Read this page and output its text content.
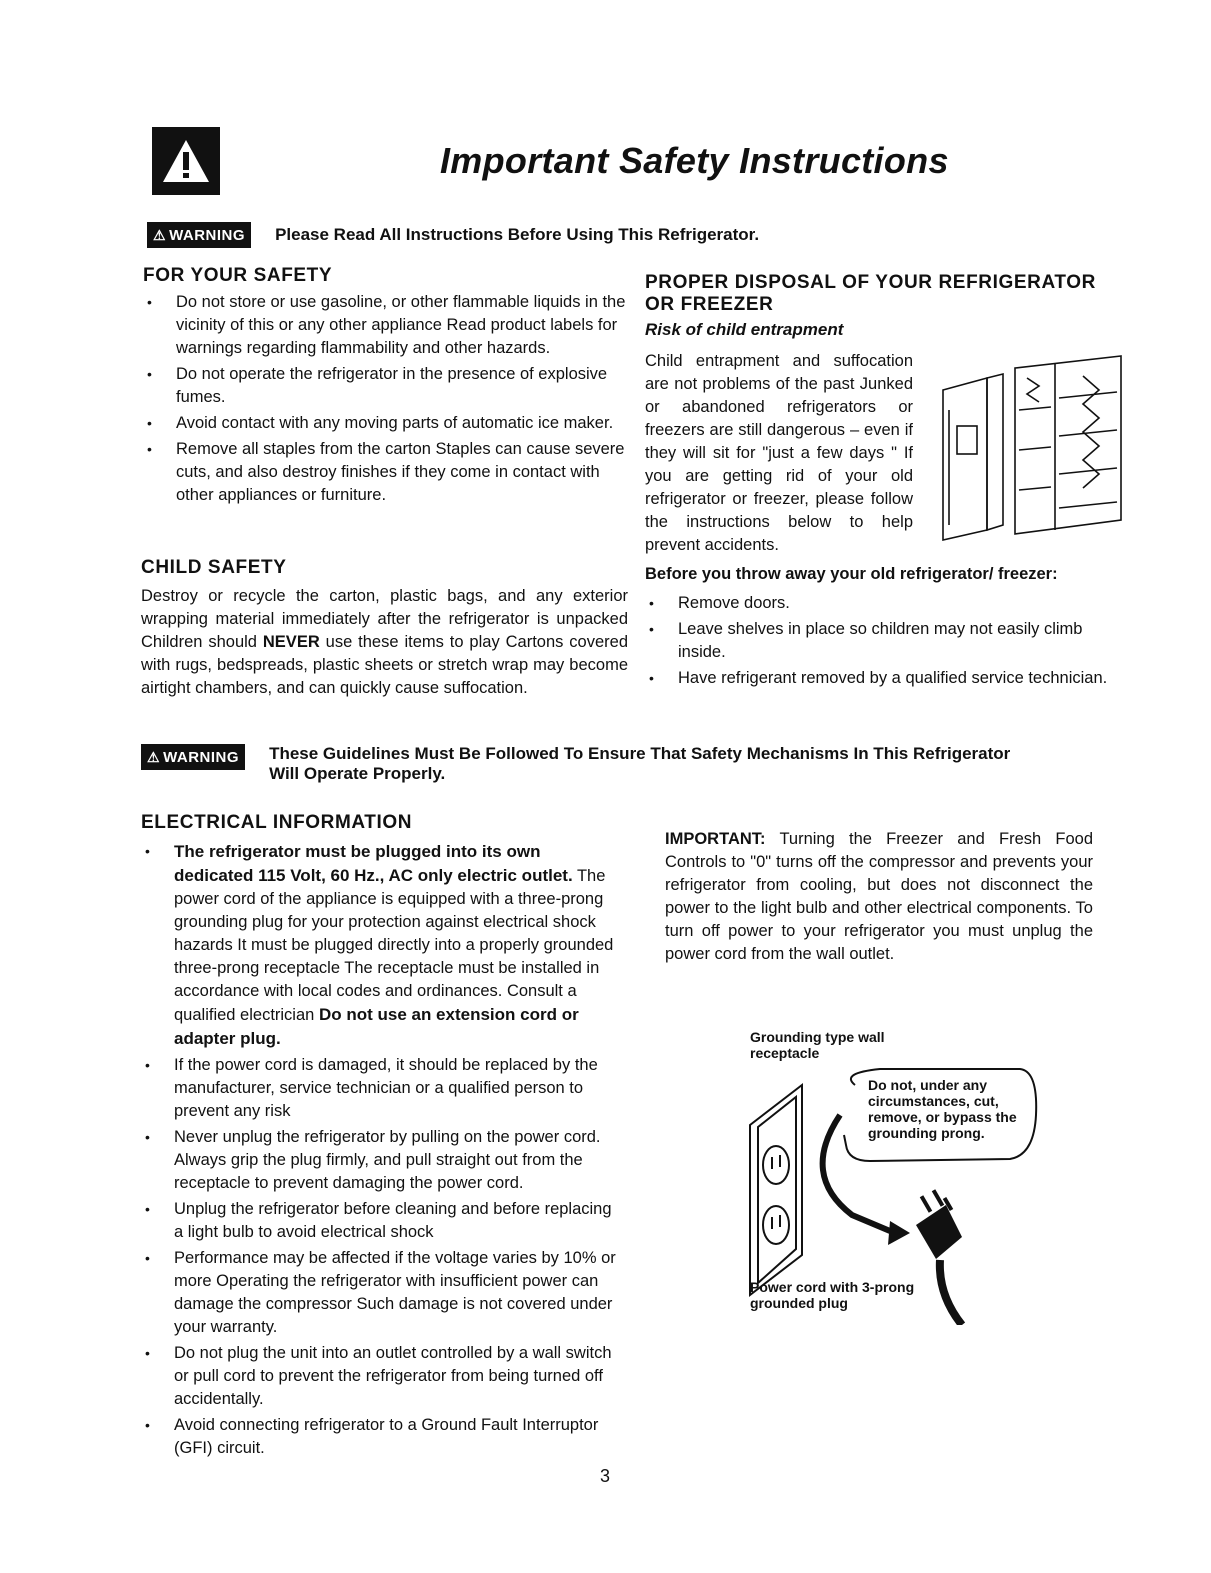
Important Safety Instructions
⚠ WARNING Please Read All Instructions Before Using This Refrigerator.
FOR YOUR SAFETY
• Do not store or use gasoline, or other flammable liquids in the vicinity of this or any other appliance Read product labels for warnings regarding flammability and other hazards.
• Do not operate the refrigerator in the presence of explosive fumes.
• Avoid contact with any moving parts of automatic ice maker.
• Remove all staples from the carton Staples can cause severe cuts, and also destroy finishes if they come in contact with other appliances or furniture.
CHILD SAFETY

Destroy or recycle the carton, plastic bags, and any exterior wrapping material immediately after the refrigerator is unpacked Children should NEVER use these items to play Cartons covered with rugs, bedspreads, plastic sheets or stretch wrap may become airtight chambers, and can quickly cause suffocation.

PROPER DISPOSAL OF YOUR REFRIGERATOR
OR FREEZER
Risk of child entrapment

Child entrapment and suffocation are not problems of the past Junked or abandoned refrigerators or freezers are still dangerous – even if they will sit for "just a few days " If you are getting rid of your old refrigerator or freezer, please follow the instructions below to help prevent accidents.

Before you throw away your old refrigerator/ freezer:
• Remove doors.
• Leave shelves in place so children may not easily climb inside.
• Have refrigerant removed by a qualified service technician.
⚠ WARNING These Guidelines Must Be Followed To Ensure That Safety Mechanisms In This Refrigerator
Will Operate Properly.
ELECTRICAL INFORMATION
• The refrigerator must be plugged into its own dedicated 115 Volt, 60 Hz., AC only electric outlet. The power cord of the appliance is equipped with a three-prong grounding plug for your protection against electrical shock hazards It must be plugged directly into a properly grounded three-prong receptacle The receptacle must be installed in accordance with local codes and ordinances. Consult a qualified electrician Do not use an extension cord or adapter plug.
• If the power cord is damaged, it should be replaced by the manufacturer, service technician or a qualified person to prevent any risk
• Never unplug the refrigerator by pulling on the power cord. Always grip the plug firmly, and pull straight out from the receptacle to prevent damaging the power cord.
• Unplug the refrigerator before cleaning and before replacing a light bulb to avoid electrical shock
• Performance may be affected if the voltage varies by 10% or more Operating the refrigerator with insufficient power can damage the compressor Such damage is not covered under your warranty.
• Do not plug the unit into an outlet controlled by a wall switch or pull cord to prevent the refrigerator from being turned off accidentally.
• Avoid connecting refrigerator to a Ground Fault Interruptor (GFI) circuit.
IMPORTANT: Turning the Freezer and Fresh Food Controls to "0" turns off the compressor and prevents your refrigerator from cooling, but does not disconnect the power to the light bulb and other electrical components. To turn off power to your refrigerator you must unplug the power cord from the wall outlet.
Grounding type wall receptacle
Do not, under any circumstances, cut, remove, or bypass the grounding prong.
Power cord with 3-prong grounded plug
3
